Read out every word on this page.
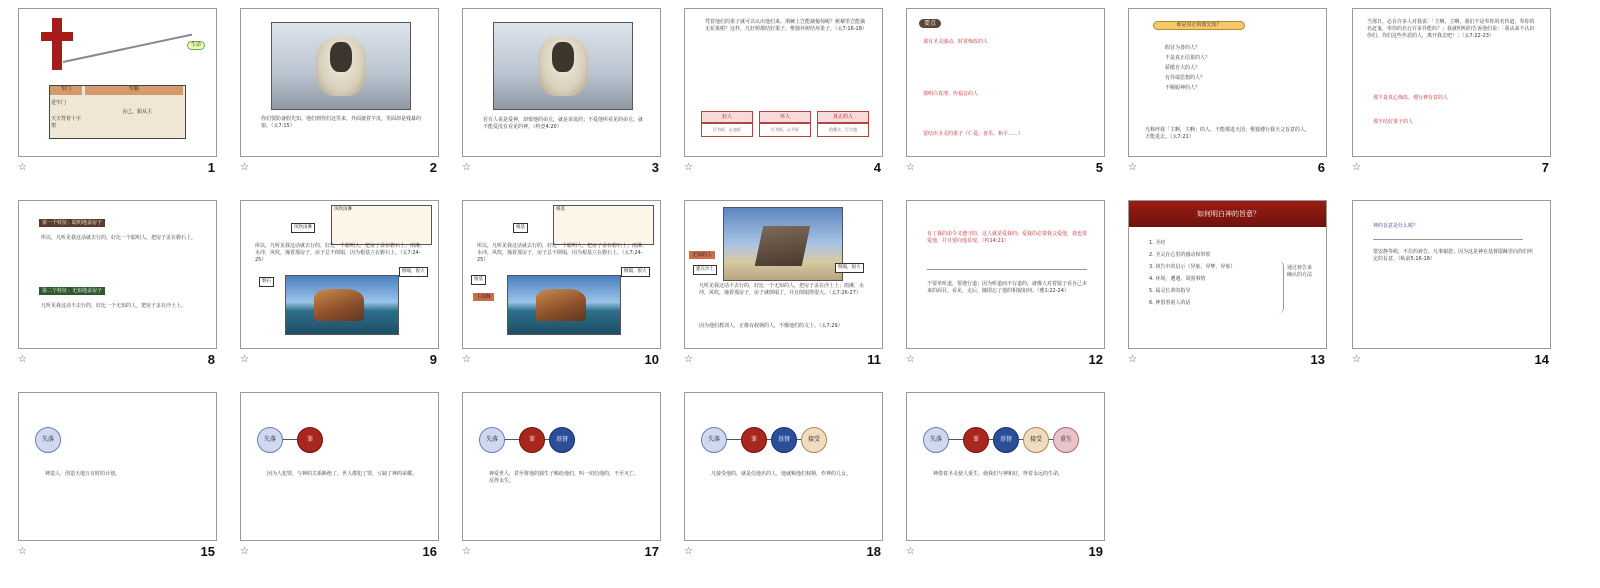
生命
窄门	窄路
进窄门
天天背着十字架
舍己，跟从主
☆	1
你们要防备假先知。他们到你们这里来，外面披着羊皮，里面却是残暴的狼。（太7:15）
☆	2
若有人说是爱神，却恨他的弟兄，就是说谎的；不爱他所看见的弟兄，就不能爱没有看见的神。（约壹4:20）
☆	3
凭着他们的果子就可以认出他们来。荆棘上岂能摘葡萄呢？蒺藜里岂能摘无花果呢？这样，凡好树都结好果子，惟独坏树结坏果子。（太7:16-18）
好人	坏人	真正的人
行为好，心也好	行为好，心不好	信靠主，行主道
☆	4
要点
那有圣灵感动、时常悔改的人
那明白真理、传福音的人
要结出圣灵的果子（仁爱、喜乐、和平……）
☆	5
谁是真正的假先知？
假冒为善的人？
不是真正信靠的人？
骄傲自大的人？
有异端思想的人？
不顺服神的人？
凡称呼我「主啊，主啊」的人，不能都进天国；惟独遵行我天父旨意的人，才能进去。（太7:21）
☆	6
当那日，必有许多人对我说：「主啊，主啊，我们不是奉你的名传道，奉你的名赶鬼，奉你的名行许多异能吗？」我就明明的告诉他们说：「我从来不认识你们，你们这些作恶的人，离开我去吧！」（太7:22-23）
那不是真心悔改、遵行神旨意的人
那不结好果子的人
☆	7
第一个特征：聪明地盖房子
所以，凡听见我这话就去行的，好比一个聪明人，把房子盖在磐石上。
第二个特征：无知地盖房子
凡听见我这话不去行的，好比一个无知的人，把房子盖在沙土上。
☆	8
风吹雨淋
风吹雨淋
所以，凡听见我这话就去行的，好比一个聪明人，把房子盖在磐石上；雨淋，水冲，风吹，撞着那房子，房子总不倒塌，因为根基立在磐石上。（太7:24-25）
磐石
倒塌，很大
☆	9
根基
根基
所以，凡听见我这话就去行的，好比一个聪明人，把房子盖在磐石上；雨淋，水冲，风吹，撞着那房子，房子总不倒塌，因为根基立在磐石上。（太7:24-25）
根基
主耶稣
倒塌，很大
☆	10
无知的人
建在沙土	倒塌，很大
凡听见我这话不去行的，好比一个无知的人，把房子盖在沙土上；雨淋，水冲，风吹，撞着那房子，房子就倒塌了，并且倒塌得很大。（太7:26-27）
因为他们教训人，正像有权柄的人，不像他们的文士。（太7:29）
☆	11
有了我的命令又遵守的，这人就是爱我的；爱我的必蒙我父爱他，我也要爱他，并且要向他显现。（约14:21）
不要单听道，要遵行道；因为听道而不行道的，就像人对着镜子看自己本来的面目，看见，走后，随即忘了他的相貌如何。（雅1:22-24）
☆	12
如何明白神的旨意？
1. 圣经
2. 圣灵在心里的感动和带领
3. 祷告中的启示（异象、异梦、异象）
4. 环境、遭遇、周围事情
5. 属灵长辈的指导
6. 神借着别人的话
通过祷告来确认的方法
☆	13
神的旨意是什么呢？
要安静等候，不住的祷告，凡事谢恩；因为这是神在基督耶稣里向你们所定的旨意。（帖前5:16-18）
☆	14
失落
神造人，创造天地万有时的计划。
☆	15
失落	罪
因为人犯罪，与神的关系断绝了，世人都犯了罪，亏缺了神的荣耀。
☆	16
失落	罪	基督
神爱世人，甚至将他的独生子赐给他们，叫一切信他的，不至灭亡，反得永生。
☆	17
失落	罪	基督	接受
凡接受他的，就是信他名的人，他就赐他们权柄，作神的儿女。
☆	18
失落	罪	基督	接受	重生
神借着圣灵使人重生，使我们与神和好，得着永远的生命。
☆	19
